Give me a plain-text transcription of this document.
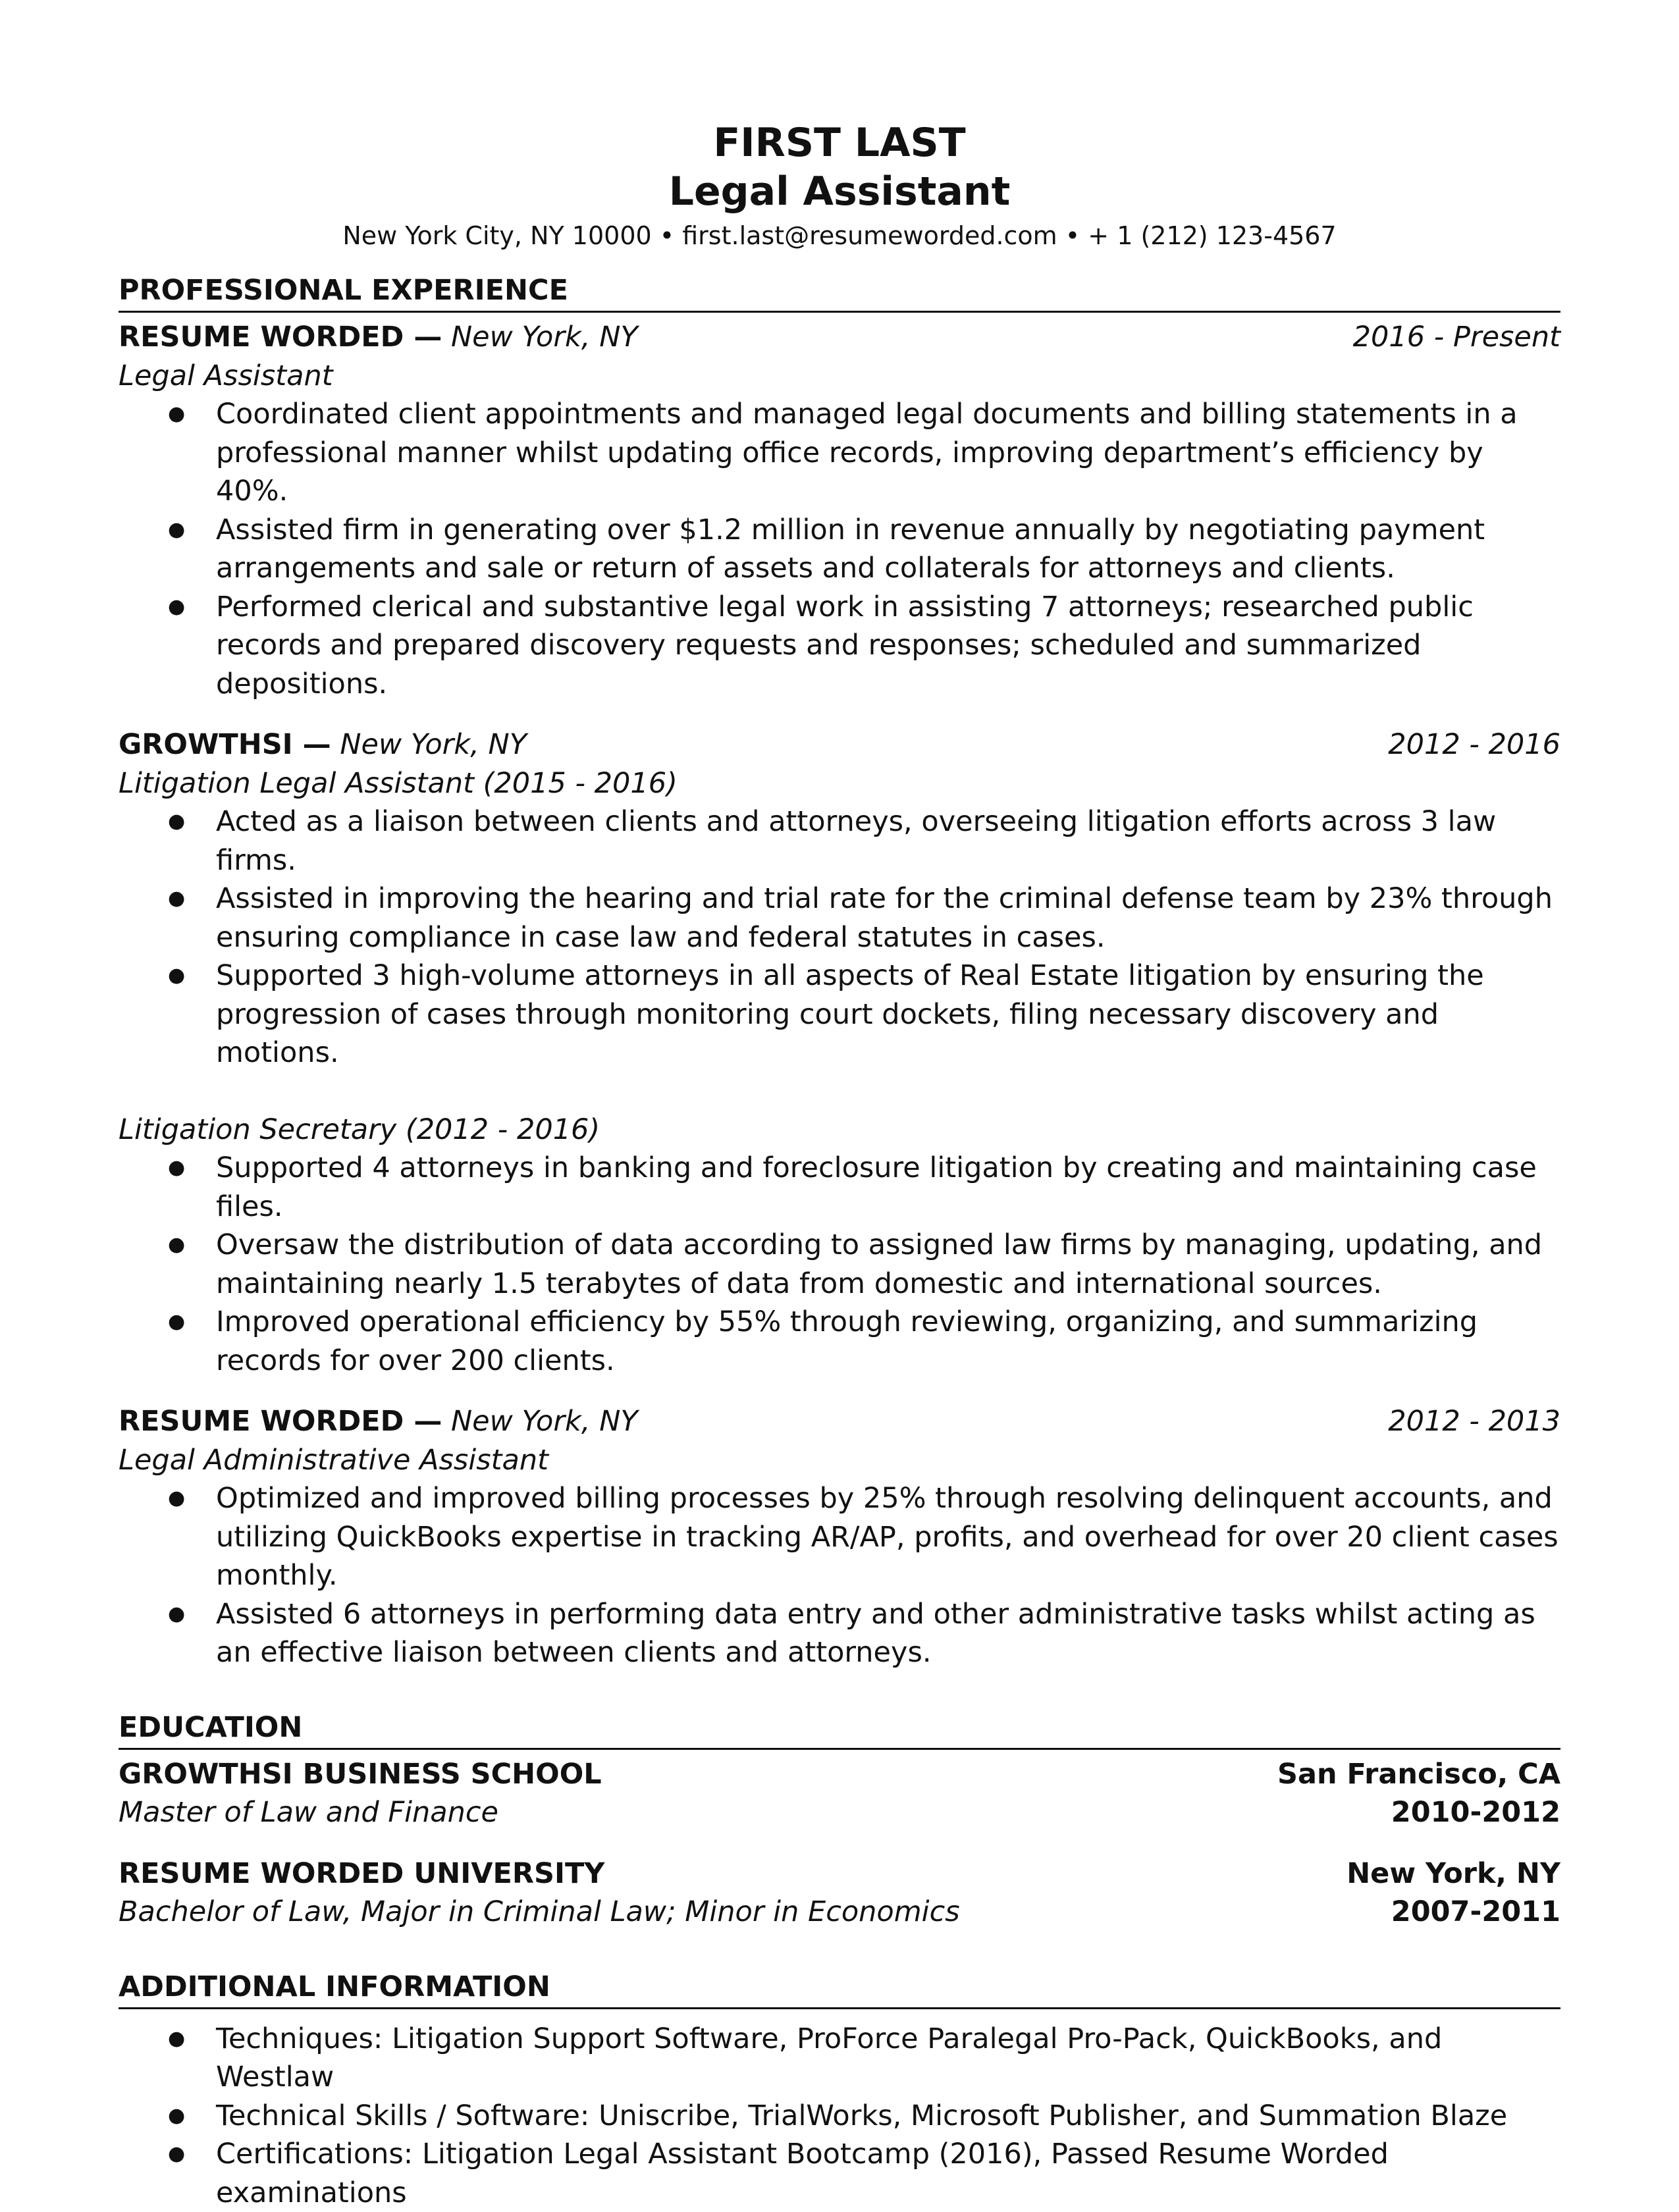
FIRST LAST
Legal Assistant
New York City, NY 10000 • first.last@resumeworded.com • + 1 (212) 123-4567
PROFESSIONAL EXPERIENCE
RESUME WORDED — New York, NY	2016 - Present
Legal Assistant
● Coordinated client appointments and managed legal documents and billing statements in a professional manner whilst updating office records, improving department’s efficiency by 40%.
● Assisted firm in generating over $1.2 million in revenue annually by negotiating payment arrangements and sale or return of assets and collaterals for attorneys and clients.
● Performed clerical and substantive legal work in assisting 7 attorneys; researched public records and prepared discovery requests and responses; scheduled and summarized depositions.
GROWTHSI — New York, NY	2012 - 2016
Litigation Legal Assistant (2015 - 2016)
● Acted as a liaison between clients and attorneys, overseeing litigation efforts across 3 law firms.
● Assisted in improving the hearing and trial rate for the criminal defense team by 23% through ensuring compliance in case law and federal statutes in cases.
● Supported 3 high-volume attorneys in all aspects of Real Estate litigation by ensuring the progression of cases through monitoring court dockets, filing necessary discovery and motions.
Litigation Secretary (2012 - 2016)
● Supported 4 attorneys in banking and foreclosure litigation by creating and maintaining case files.
● Oversaw the distribution of data according to assigned law firms by managing, updating, and maintaining nearly 1.5 terabytes of data from domestic and international sources.
● Improved operational efficiency by 55% through reviewing, organizing, and summarizing records for over 200 clients.
RESUME WORDED — New York, NY	2012 - 2013
Legal Administrative Assistant
● Optimized and improved billing processes by 25% through resolving delinquent accounts, and utilizing QuickBooks expertise in tracking AR/AP, profits, and overhead for over 20 client cases monthly.
● Assisted 6 attorneys in performing data entry and other administrative tasks whilst acting as an effective liaison between clients and attorneys.
EDUCATION
GROWTHSI BUSINESS SCHOOL	San Francisco, CA
Master of Law and Finance	2010-2012
RESUME WORDED UNIVERSITY	New York, NY
Bachelor of Law, Major in Criminal Law; Minor in Economics	2007-2011
ADDITIONAL INFORMATION
● Techniques: Litigation Support Software, ProForce Paralegal Pro-Pack, QuickBooks, and Westlaw
● Technical Skills / Software: Uniscribe, TrialWorks, Microsoft Publisher, and Summation Blaze
● Certifications: Litigation Legal Assistant Bootcamp (2016), Passed Resume Worded examinations
